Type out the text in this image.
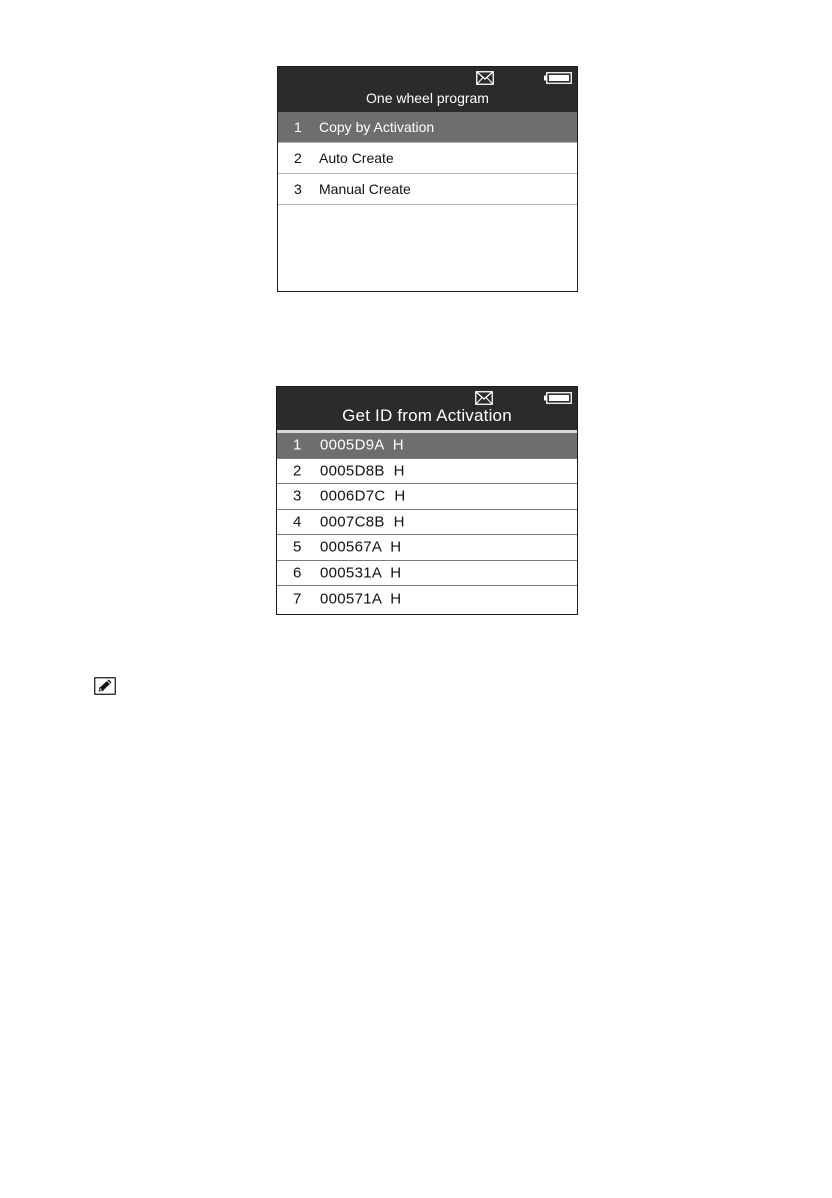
One wheel program
1 Copy by Activation
2 Auto Create
3 Manual Create
Get ID from Activation
1 0005D9A  H
2 0005D8B  H
3 0006D7C  H
4 0007C8B  H
5 000567A  H
6 000531A  H
7 000571A  H
